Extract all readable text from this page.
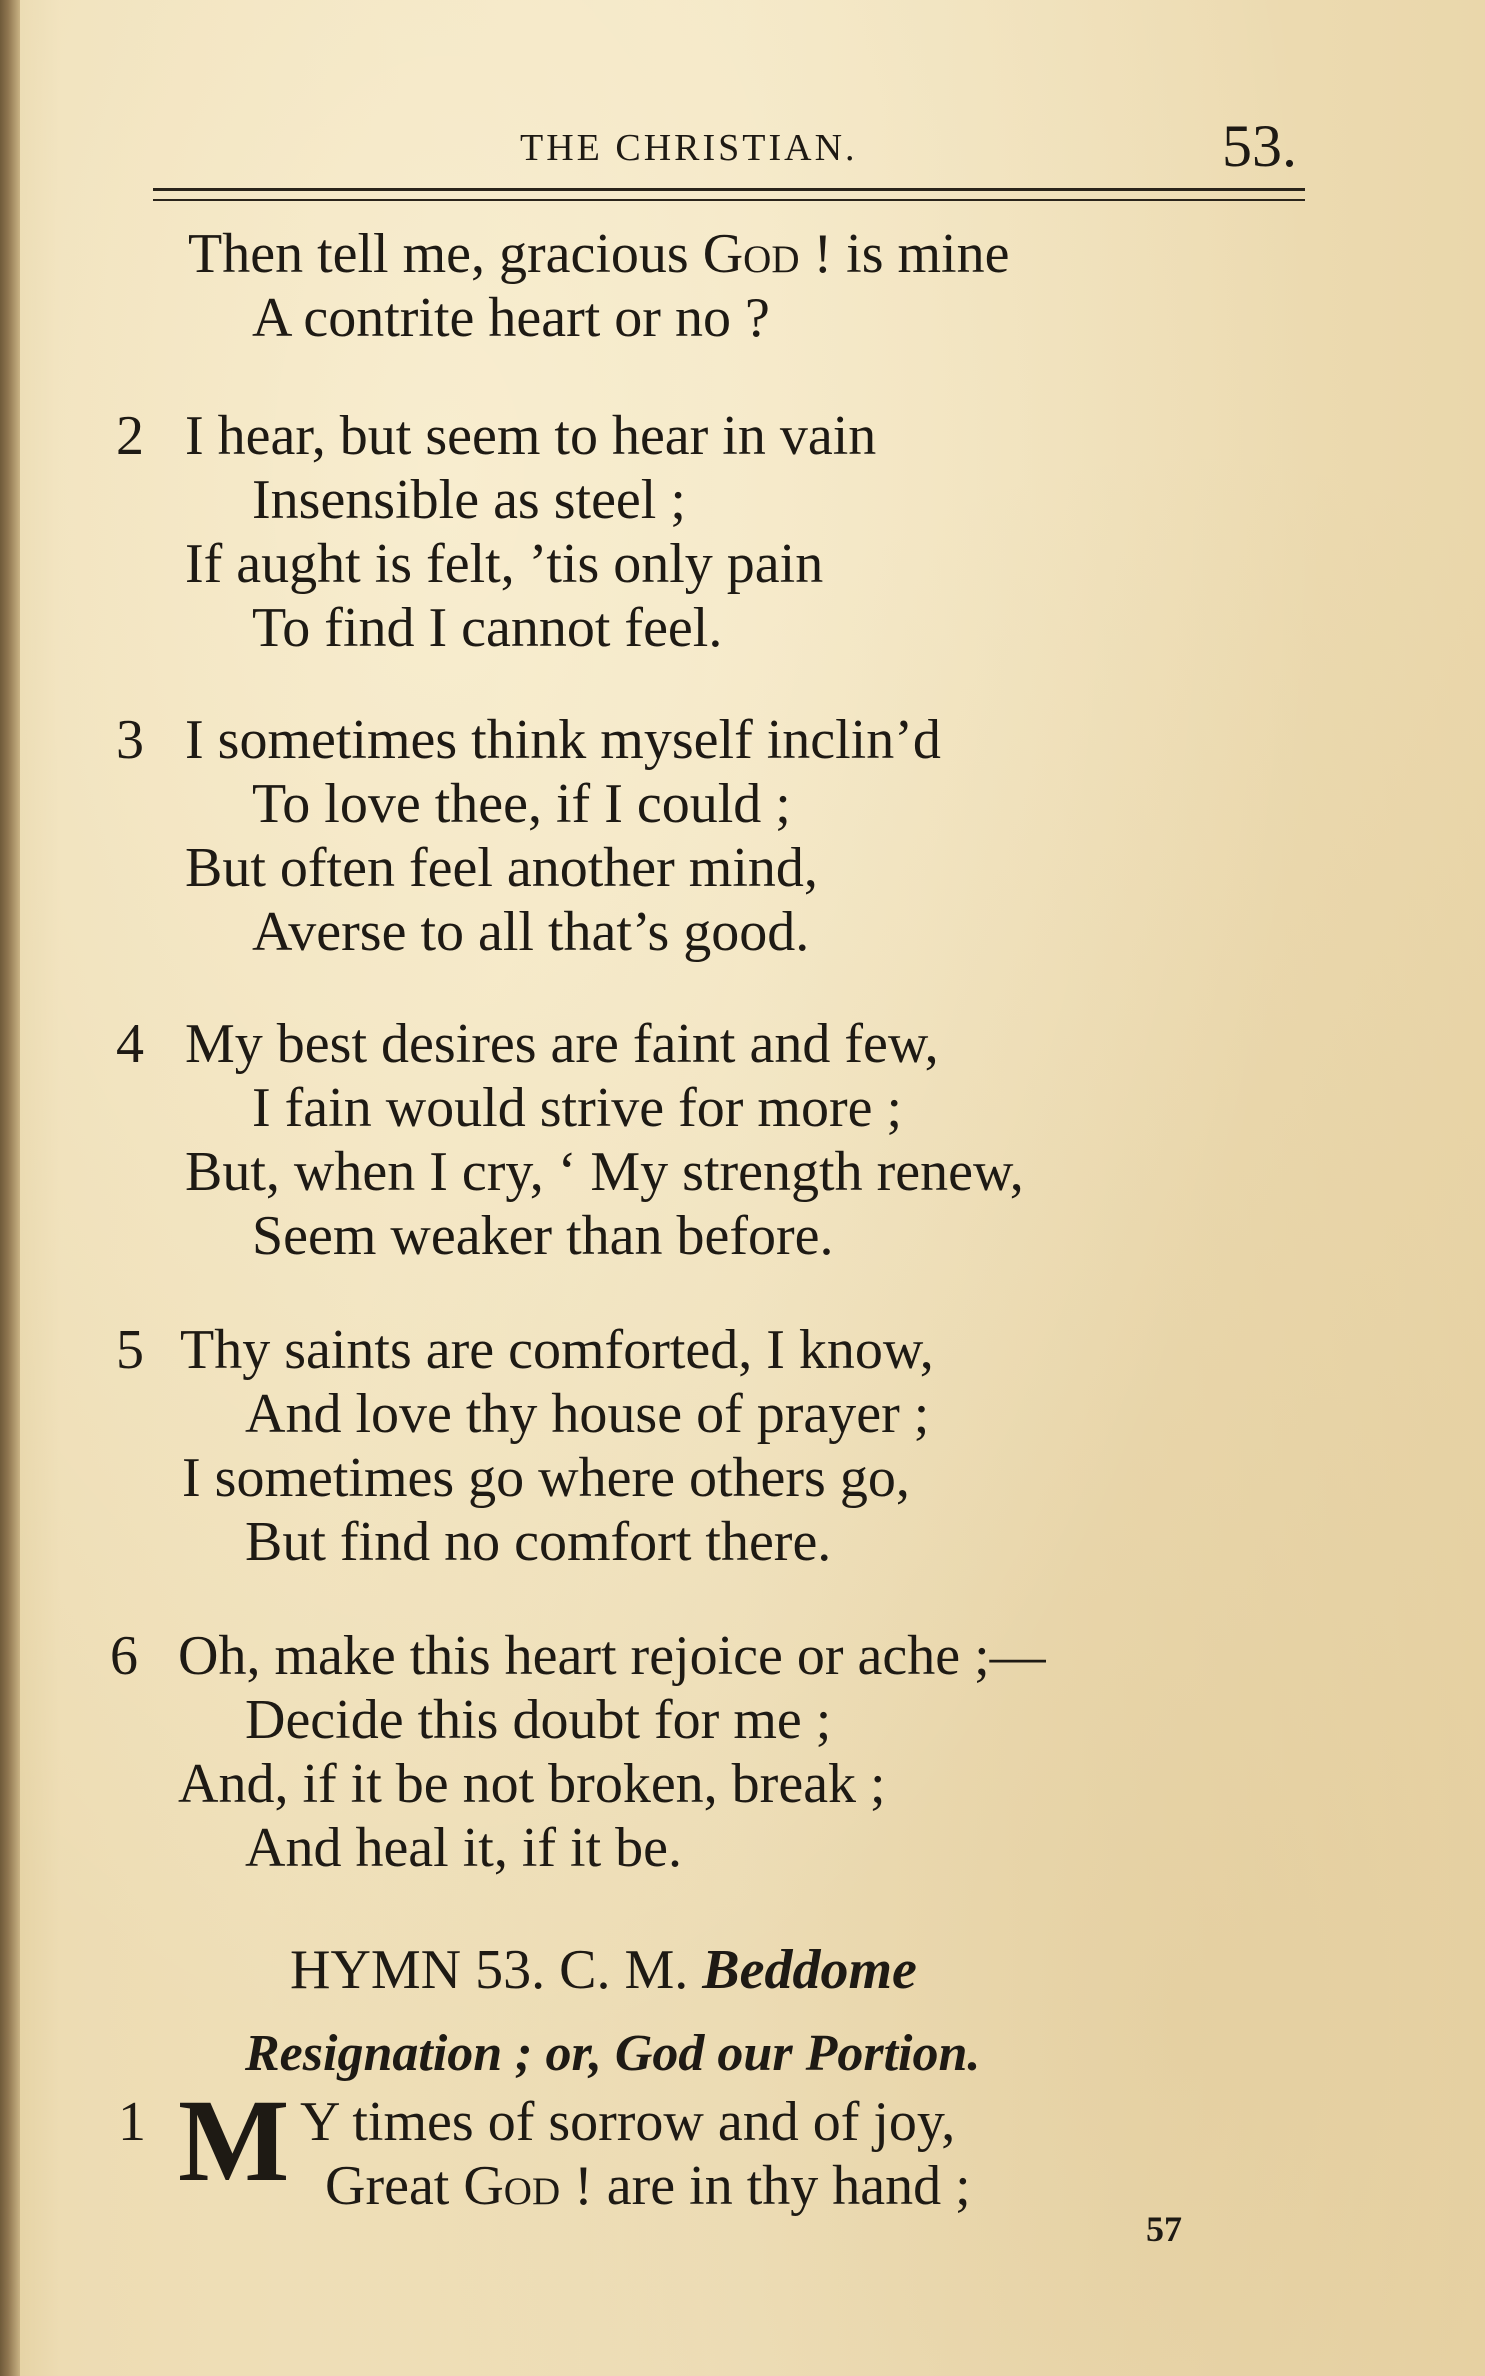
THE CHRISTIAN.	53.
Then tell me, gracious God ! is mine
A contrite heart or no ?
2 I hear, but seem to hear in vain
Insensible as steel ;
If aught is felt, ’tis only pain
To find I cannot feel.
3 I sometimes think myself inclin’d
To love thee, if I could ;
But often feel another mind,
Averse to all that’s good.
4 My best desires are faint and few,
I fain would strive for more ;
But, when I cry, ‘ My strength renew,
Seem weaker than before.
5 Thy saints are comforted, I know,
And love thy house of prayer ;
I sometimes go where others go,
But find no comfort there.
6 Oh, make this heart rejoice or ache ;—
Decide this doubt for me ;
And, if it be not broken, break ;
And heal it, if it be.
HYMN 53. C. M. Beddome
Resignation ; or, God our Portion.
1 M Y times of sorrow and of joy,
Great God ! are in thy hand ;
57
